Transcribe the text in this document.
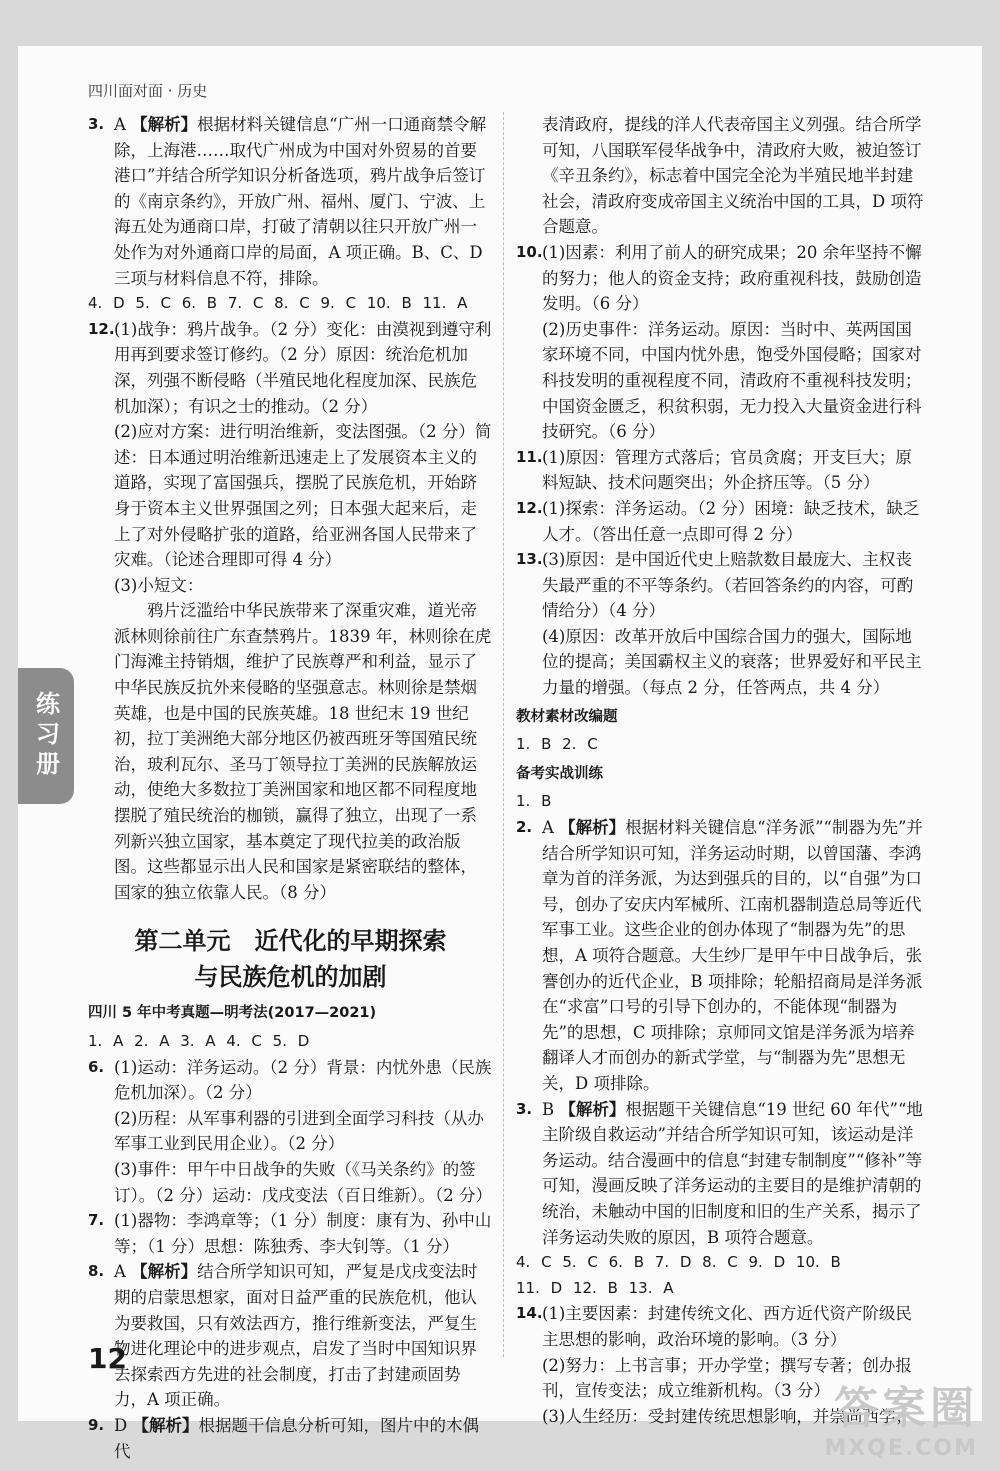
四川面对面 · 历史
3. A 【解析】根据材料关键信息“广州一口通商禁令解除，上海港……取代广州成为中国对外贸易的首要港口”并结合所学知识分析备选项，鸦片战争后签订的《南京条约》，开放广州、福州、厦门、宁波、上海五处为通商口岸，打破了清朝以往只开放广州一处作为对外通商口岸的局面，A 项正确。B、C、D 三项与材料信息不符，排除。

4. D 5. C 6. B 7. C 8. C 9. C 10. B 11. A

12. (1)战争：鸦片战争。（2 分）变化：由漠视到遵守利用再到要求签订修约。（2 分）原因：统治危机加深，列强不断侵略（半殖民地化程度加深、民族危机加深）；有识之士的推动。（2 分）

(2)应对方案：进行明治维新，变法图强。（2 分）简述：日本通过明治维新迅速走上了发展资本主义的道路，实现了富国强兵，摆脱了民族危机，开始跻身于资本主义世界强国之列；日本强大起来后，走上了对外侵略扩张的道路，给亚洲各国人民带来了灾难。（论述合理即可得 4 分）

(3)小短文：

鸦片泛滥给中华民族带来了深重灾难，道光帝派林则徐前往广东查禁鸦片。1839 年，林则徐在虎门海滩主持销烟，维护了民族尊严和利益，显示了中华民族反抗外来侵略的坚强意志。林则徐是禁烟英雄，也是中国的民族英雄。18 世纪末 19 世纪初，拉丁美洲绝大部分地区仍被西班牙等国殖民统治，玻利瓦尔、圣马丁领导拉丁美洲的民族解放运动，使绝大多数拉丁美洲国家和地区都不同程度地摆脱了殖民统治的枷锁，赢得了独立，出现了一系列新兴独立国家，基本奠定了现代拉美的政治版图。这些都显示出人民和国家是紧密联结的整体，国家的独立依靠人民。（8 分）

第二单元　近代化的早期探索
与民族危机的加剧
四川 5 年中考真题—明考法(2017—2021)

1. A 2. A 3. A 4. C 5. D

6. (1)运动：洋务运动。（2 分）背景：内忧外患（民族危机加深）。（2 分）

(2)历程：从军事利器的引进到全面学习科技（从办军事工业到民用企业）。（2 分）

(3)事件：甲午中日战争的失败（《马关条约》的签订）。（2 分）运动：戊戌变法（百日维新）。（2 分）

7. (1)器物：李鸿章等；（1 分）制度：康有为、孙中山等；（1 分）思想：陈独秀、李大钊等。（1 分）
8. A 【解析】结合所学知识可知，严复是戊戌变法时期的启蒙思想家，面对日益严重的民族危机，他认为要救国，只有效法西方，推行维新变法，严复生物进化理论中的进步观点，启发了当时中国知识界去探索西方先进的社会制度，打击了封建顽固势力，A 项正确。
9. D 【解析】根据题干信息分析可知，图片中的木偶代

表清政府，提线的洋人代表帝国主义列强。结合所学可知，八国联军侵华战争中，清政府大败，被迫签订《辛丑条约》，标志着中国完全沦为半殖民地半封建社会，清政府变成帝国主义统治中国的工具，D 项符合题意。

10. (1)因素：利用了前人的研究成果；20 余年坚持不懈的努力；他人的资金支持；政府重视科技，鼓励创造发明。（6 分）

(2)历史事件：洋务运动。原因：当时中、英两国国家环境不同，中国内忧外患，饱受外国侵略；国家对科技发明的重视程度不同，清政府不重视科技发明；中国资金匮乏，积贫积弱，无力投入大量资金进行科技研究。（6 分）

11. (1)原因：管理方式落后；官员贪腐；开支巨大；原料短缺、技术问题突出；外企挤压等。（5 分）
12. (1)探索：洋务运动。（2 分）困境：缺乏技术，缺乏人才。（答出任意一点即可得 2 分）
13. (3)原因：是中国近代史上赔款数目最庞大、主权丧失最严重的不平等条约。（若回答条约的内容，可酌情给分）（4 分）

(4)原因：改革开放后中国综合国力的强大，国际地位的提高；美国霸权主义的衰落；世界爱好和平民主力量的增强。（每点 2 分，任答两点，共 4 分）

教材素材改编题

1. B 2. C

备考实战训练

1. B

2. A 【解析】根据材料关键信息“洋务派”“制器为先”并结合所学知识可知，洋务运动时期，以曾国藩、李鸿章为首的洋务派，为达到强兵的目的，以“自强”为口号，创办了安庆内军械所、江南机器制造总局等近代军事工业。这些企业的创办体现了“制器为先”的思想，A 项符合题意。大生纱厂是甲午中日战争后，张謇创办的近代企业，B 项排除；轮船招商局是洋务派在“求富”口号的引导下创办的，不能体现“制器为先”的思想，C 项排除；京师同文馆是洋务派为培养翻译人才而创办的新式学堂，与“制器为先”思想无关，D 项排除。
3. B 【解析】根据题干关键信息“19 世纪 60 年代”“地主阶级自救运动”并结合所学知识可知，该运动是洋务运动。结合漫画中的信息“封建专制制度”“修补”等可知，漫画反映了洋务运动的主要目的是维护清朝的统治，未触动中国的旧制度和旧的生产关系，揭示了洋务运动失败的原因，B 项符合题意。

4. C 5. C 6. B 7. D 8. C 9. D 10. B

11. D 12. B 13. A

14. (1)主要因素：封建传统文化、西方近代资产阶级民主思想的影响，政治环境的影响。（3 分）

(2)努力：上书言事；开办学堂；撰写专著；创办报刊，宣传变法；成立维新机构。（3 分）

(3)人生经历：受封建传统思想影响，并崇尚西学；

练习册
12
答案圈
MXQE.COM
